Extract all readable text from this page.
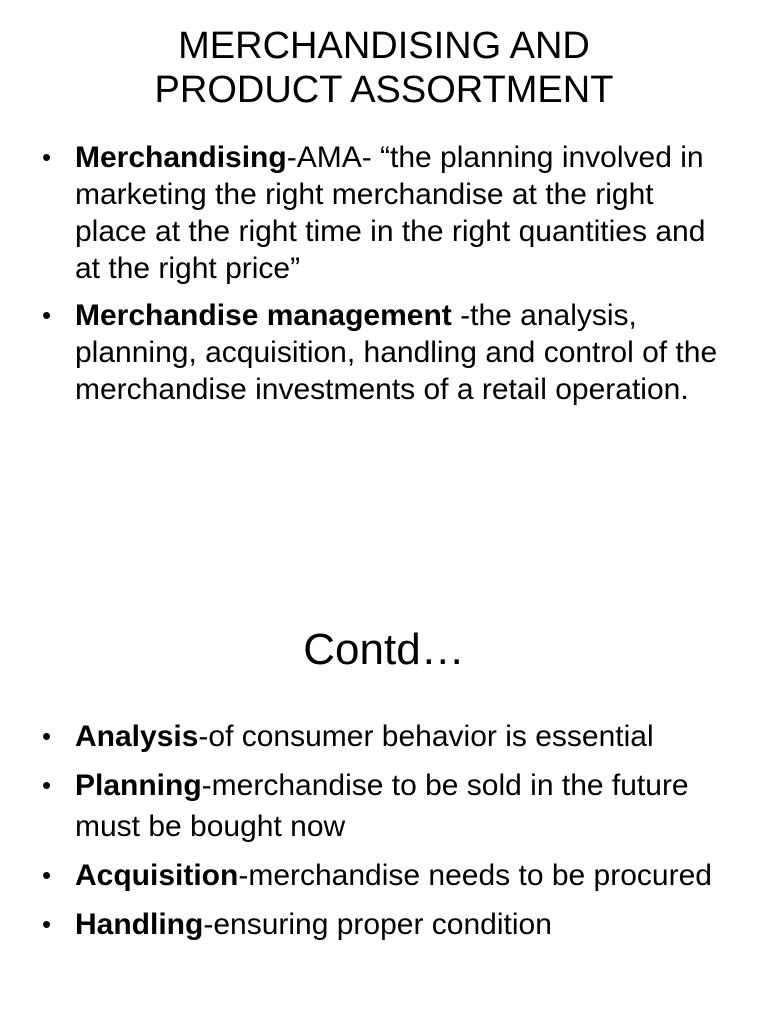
MERCHANDISING AND
PRODUCT ASSORTMENT
• Merchandising-AMA- “the planning involved in marketing the right merchandise at the right place at the right time in the right quantities and at the right price”
• Merchandise management -the analysis, planning, acquisition, handling and control of the merchandise investments of a retail operation.
Contd…
• Analysis-of consumer behavior is essential
• Planning-merchandise to be sold in the future must be bought now
• Acquisition-merchandise needs to be procured
• Handling-ensuring proper condition
